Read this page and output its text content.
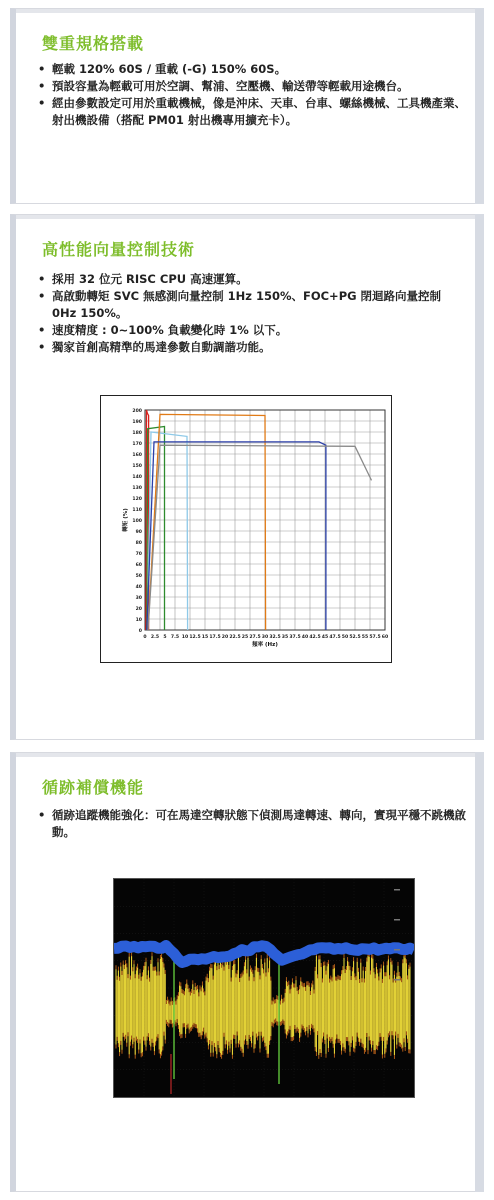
雙重規格搭載
• 輕載 120% 60S / 重載 (-G) 150% 60S。
• 預設容量為輕載可用於空調、幫浦、空壓機、輸送帶等輕載用途機台。
• 經由參數設定可用於重載機械，像是沖床、天車、台車、螺絲機械、工具機產業、射出機設備（搭配 PM01 射出機專用擴充卡）。
高性能向量控制技術
• 採用 32 位元 RISC CPU 高速運算。
• 高啟動轉矩 SVC 無感測向量控制 1Hz 150%、FOC+PG 閉迴路向量控制 0Hz 150%。
• 速度精度 : 0~100% 負載變化時 1% 以下。
• 獨家首創高精準的馬達參數自動調諧功能。
0
10
20
30
40
50
60
70
80
90
100
110
120
130
140
150
160
170
180
190
200
0 2.5 5 7.5 10 12.5 15 17.5 20 22.5 25 27.5 30 32.5 35 37.5 40 42.5 45 47.5 50 52.5 55 57.5 60
頻率 (Hz)
轉矩 (%)
循跡補償機能
• 循跡追蹤機能強化：可在馬達空轉狀態下偵測馬達轉速、轉向，實現平穩不跳機啟動。
